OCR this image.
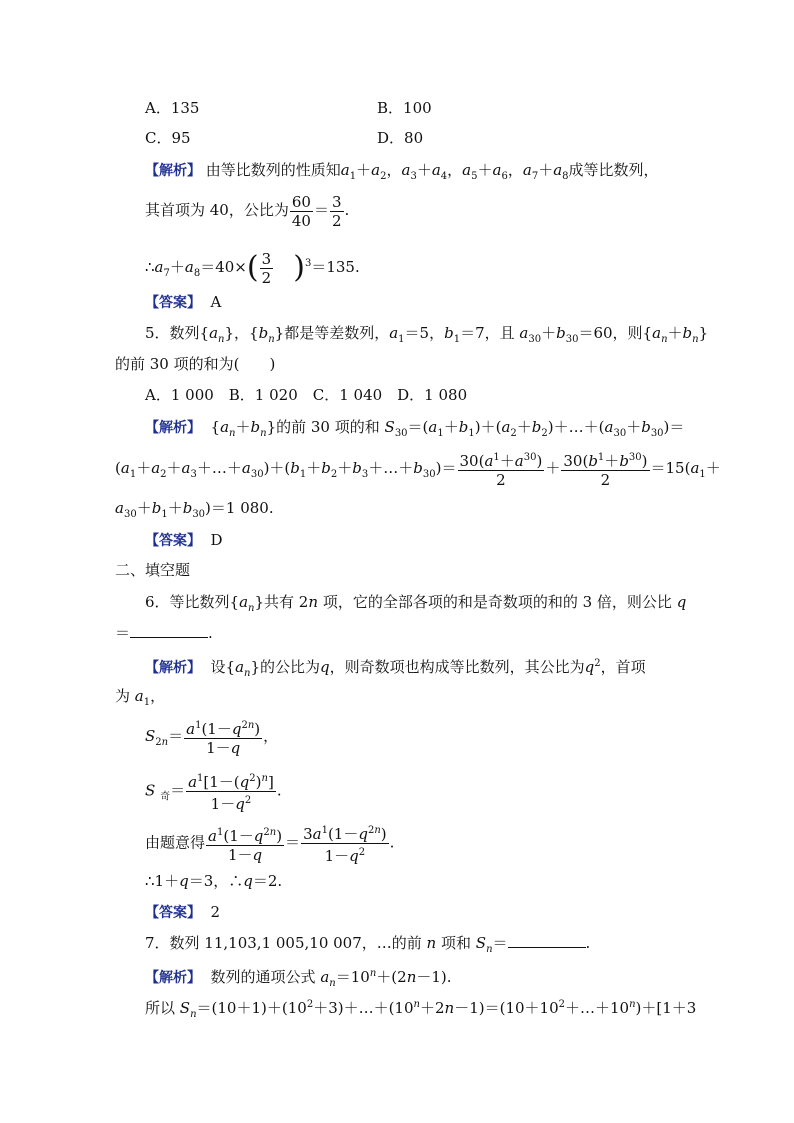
A．135	B．100
C．95	D．80
【解析】 由等比数列的性质知$a_1+a_2$，$a_3+a_4$，$a_5+a_6$，$a_7+a_8$成等比数列，
其首项为 40，公比为 $\frac{60}{40} = \frac{3}{2}$ .
$\therefore a_7+a_8=40\times( \frac{3}{2} )^3=135$.
【答案】 A
5．数列$\{a_n\}$，$\{b_n\}$都是等差数列，$a_1=5$，$b_1=7$，且 $a_{30}+b_{30}=60$，则$\{a_n+b_n\}$
的前 30 项的和为(　　)
A．1 000　B．1 020　C．1 040　D．1 080
【解析】  $\{a_n+b_n\}$的前 30 项的和 $S_{30}=(a_1+b_1)+(a_2+b_2)+\dots+(a_{30}+b_{30})=$
$(a_1+a_2+a_3+\dots+a_{30})+(b_1+b_2+b_3+\dots+b_{30})= \frac{30(a^1+a^{30})}{2} + \frac{30(b^1+b^{30})}{2} =15(a_1+$
$a_{30}+b_1+b_{30})=1$ 080.
【答案】 D
二、填空题
6．等比数列$\{a_n\}$共有 2n 项，它的全部各项的和是奇数项的和的 3 倍，则公比 q
＝	.
【解析】 设$\{a_n\}$的公比为q，则奇数项也构成等比数列，其公比为$q^2$，首项
为 $a_1$，
$S_{2n}= \frac{a^1(1-q^{2n})}{1-q}$ ，
S $_奇= \frac{a^1[1-(q^2)^n]}{1-q^2}$ .
由题意得 $\frac{a^1(1-q^{2n})}{1-q} = \frac{3a^1(1-q^{2n})}{1-q^2}$ .
∴1＋q＝3，∴q＝2.
【答案】 2
7．数列 11,103,1 005,10 007，…的前 n 项和 $S_n=$	.
【解析】 数列的通项公式 $a_n=10^n+(2n-1)$.
所以 $S_n=(10+1)+(10^2+3)+\dots+(10^n+2n-1)=(10+10^2+\dots+10^n)+[1+3$
